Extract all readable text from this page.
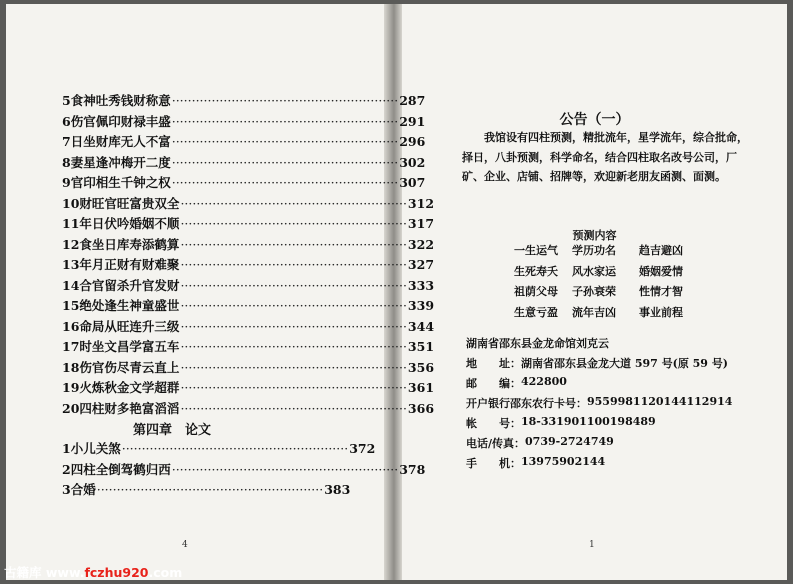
5 食神吐秀 钱财称意 ························································· 287
6 伤官佩印 财禄丰盛 ························································· 291
7 日坐财库 无人不富 ························································· 296
8 妻星逢冲 梅开二度 ························································· 302
9 官印相生 千钟之权 ························································· 307
10 财旺官旺 富贵双全 ························································· 312
11 年日伏吟 婚姻不顺 ························································· 317
12 食坐日库 寿添鹤算 ························································· 322
13 年月正财 有财难聚 ························································· 327
14 合官留杀 升官发财 ························································· 333
15 绝处逢生 神童盛世 ························································· 339
16 命局从旺 连升三级 ························································· 344
17 时坐文昌 学富五车 ························································· 351
18 伤官伤尽 青云直上 ························································· 356
19 火炼秋金 文学超群 ························································· 361
20 四柱财多 艳富滔滔 ························································· 366
第四章　论文
1 小儿关煞 ························································· 372
2 四柱全倒 驾鹤归西 ························································· 378
3 合婚 ························································· 383
4
公告（一）
我馆设有四柱预测，精批流年，星学流年，综合批命，择日，八卦预测，科学命名，结合四柱取名改号公司，厂矿、企业、店铺、招牌等，欢迎新老朋友函测、面测。
预测内容
一生运气	学历功名	趋吉避凶
生死寿夭	风水家运	婚姻爱情
祖荫父母	子孙衰荣	性情才智
生意亏盈	流年吉凶	事业前程
湖南省邵东县金龙命馆刘克云
地　　址： 湖南省邵东县金龙大道 597 号(原 59 号)
邮　　编： 422800
开户银行邵东农行卡号： 9559981120144112914
帐　　号： 18-331901100198489
电话/传真： 0739-2724749
手　　机： 13975902144
1
古籍库 www.fczhu920.com
